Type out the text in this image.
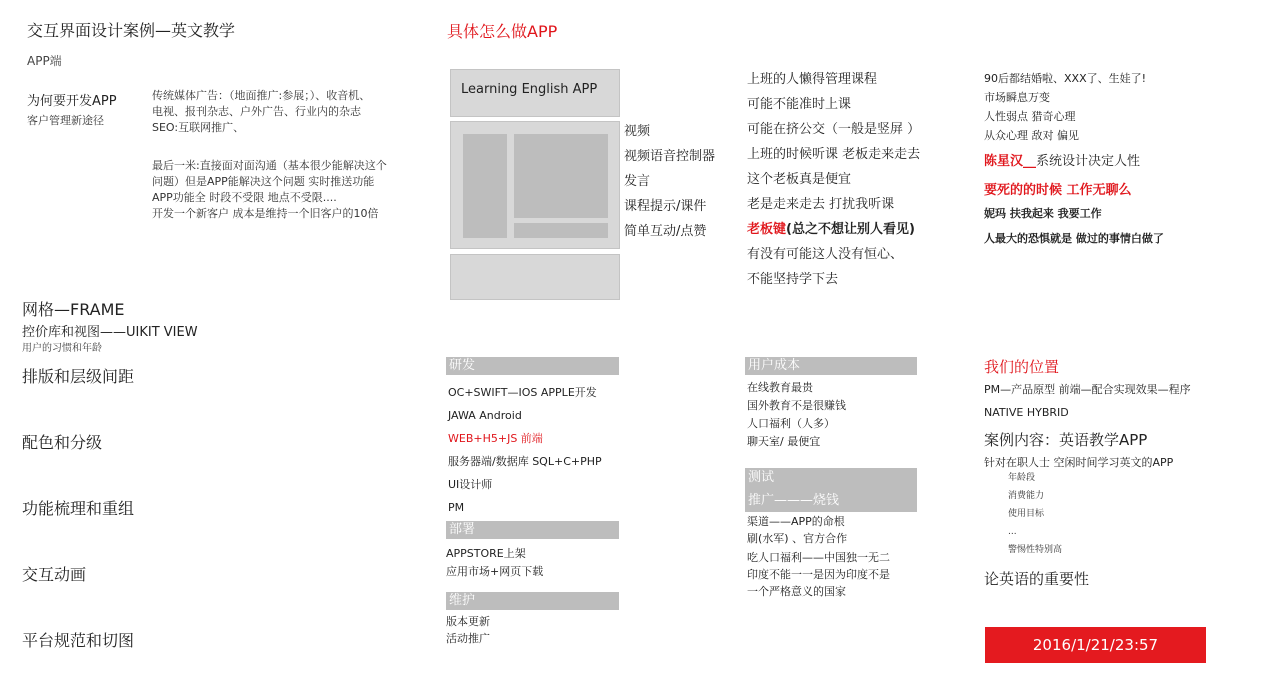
交互界面设计案例—英文教学
APP端
为何要开发APP
客户管理新途径
传统媒体广告：（地面推广:参展；）、收音机、
电视、报刊杂志、户外广告、行业内的杂志
SEO:互联网推广、
最后一米:直接面对面沟通（基本很少能解决这个
问题）但是APP能解决这个问题 实时推送功能
APP功能全 时段不受限 地点不受限....
开发一个新客户 成本是维持一个旧客户的10倍
网格—FRAME
控价库和视图——UIKIT VIEW
用户的习惯和年龄
排版和层级间距
配色和分级
功能梳理和重组
交互动画
平台规范和切图
具体怎么做APP
Learning English APP
视频
视频语音控制器
发言
课程提示/课件
简单互动/点赞
研发
OC+SWIFT—IOS APPLE开发
JAWA Android
WEB+H5+JS 前端
服务器端/数据库 SQL+C+PHP
UI设计师
PM
部署
APPSTORE上架
应用市场+网页下载
维护
版本更新
活动推广
上班的人懒得管理课程
可能不能准时上课
可能在挤公交（一般是竖屏 ）
上班的时候听课 老板走来走去
这个老板真是便宜
老是走来走去 打扰我听课
老板键(总之不想让别人看见)
有没有可能这人没有恒心、
不能坚持学下去
用户成本
在线教育最贵
国外教育不是很赚钱
人口福利（人多）
聊天室/ 最便宜
测试
推广———烧钱
渠道——APP的命根
刷(水军) 、官方合作
吃人口福利——中国独一无二
印度不能一一是因为印度不是
一个严格意义的国家
90后都结婚啦、XXX了、生娃了!
市场瞬息万变
人性弱点 猎奇心理
从众心理 敌对 偏见
陈星汉__系统设计决定人性
要死的的时候 工作无聊么
妮玛 扶我起来 我要工作
人最大的恐惧就是 做过的事情白做了
我们的位置
PM—产品原型 前端—配合实现效果—程序
NATIVE HYBRID
案例内容：英语教学APP
针对在职人士 空闲时间学习英文的APP
年龄段
消费能力
使用目标
...
警惕性特别高
论英语的重要性
2016/1/21/23:57
